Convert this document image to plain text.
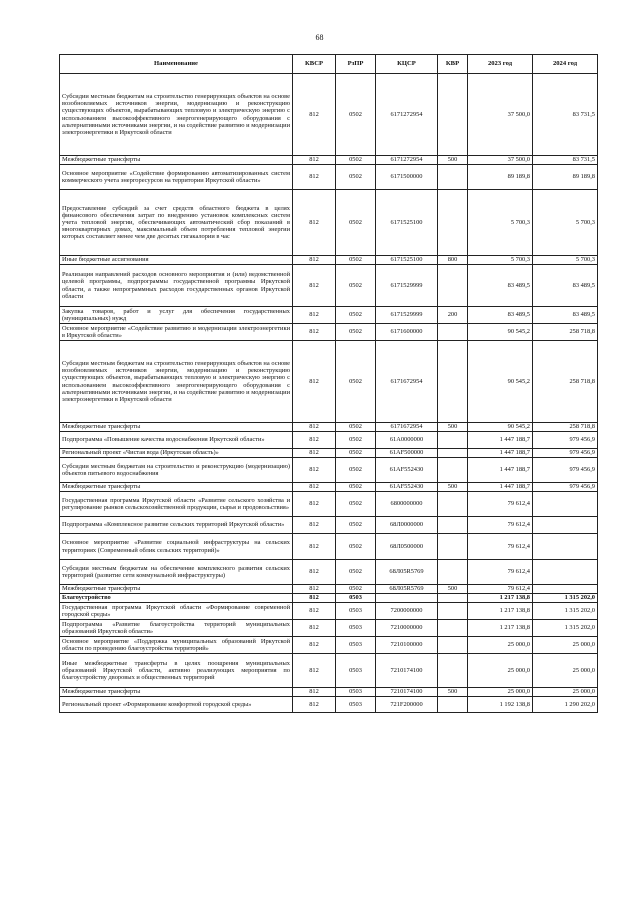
68
Наименование	КВСР	РзПР	КЦСР	КВР	2023 год	2024 год
Субсидии местным бюджетам на строительство генерирующих объектов на основе возобновляемых источников энергии, модернизацию и реконструкцию существующих объектов, вырабатывающих тепловую и электрическую энергию с использованием высокоэффективного энергогенерирующего оборудования с альтернативными источниками энергии, и на содействие развитию и модернизации электроэнергетики в Иркутской области	812	0502	6171272954		37 500,0	83 731,5
Межбюджетные трансферты	812	0502	6171272954	500	37 500,0	83 731,5
Основное мероприятие «Содействие формированию автоматизированных систем коммерческого учета энергоресурсов на территории Иркутской области»	812	0502	6171500000		89 189,8	89 189,8
Предоставление субсидий за счет средств областного бюджета в целях финансового обеспечения затрат по внедрению установок комплексных систем учета тепловой энергии, обеспечивающих автоматический сбор показаний в многоквартирных домах, максимальный объем потребления тепловой энергии которых составляет менее чем две десятых гигакалории в час	812	0502	6171525100		5 700,3	5 700,3
Иные бюджетные ассигнования	812	0502	6171525100	800	5 700,3	5 700,3
Реализация направлений расходов основного мероприятия и (или) ведомственной целевой программы, подпрограммы государственной программы Иркутской области, а также непрограммных расходов государственных органов Иркутской области	812	0502	6171529999		83 489,5	83 489,5
Закупка товаров, работ и услуг для обеспечения государственных (муниципальных) нужд	812	0502	6171529999	200	83 489,5	83 489,5
Основное мероприятие «Содействие развитию и модернизации электроэнергетики в Иркутской области»	812	0502	6171600000		90 545,2	258 718,8
Субсидии местным бюджетам на строительство генерирующих объектов на основе возобновляемых источников энергии, модернизацию и реконструкцию существующих объектов, вырабатывающих тепловую и электрическую энергию с использованием высокоэффективного энергогенерирующего оборудования с альтернативными источниками энергии, и на содействие развитию и модернизации электроэнергетики в Иркутской области	812	0502	6171672954		90 545,2	258 718,8
Межбюджетные трансферты	812	0502	6171672954	500	90 545,2	258 718,8
Подпрограмма «Повышение качества водоснабжения Иркутской области»	812	0502	61А0000000		1 447 188,7	979 456,9
Региональный проект «Чистая вода (Иркутская область)»	812	0502	61АF500000		1 447 188,7	979 456,9
Субсидии местным бюджетам на строительство и реконструкцию (модернизацию) объектов питьевого водоснабжения	812	0502	61АF552430		1 447 188,7	979 456,9
Межбюджетные трансферты	812	0502	61АF552430	500	1 447 188,7	979 456,9
Государственная программа Иркутской области «Развитие сельского хозяйства и регулирование рынков сельскохозяйственной продукции, сырья и продовольствия»	812	0502	6800000000		79 612,4	
Подпрограмма «Комплексное развитие сельских территорий Иркутской области»	812	0502	68Л0000000		79 612,4	
Основное мероприятие «Развитие социальной инфраструктуры на сельских территориях (Современный облик сельских территорий)»	812	0502	68Л0500000		79 612,4	
Субсидии местным бюджетам на обеспечение комплексного развития сельских территорий (развитие сети коммунальной инфраструктуры)	812	0502	68Л05R5769		79 612,4	
Межбюджетные трансферты	812	0502	68Л05R5769	500	79 612,4	
Благоустройство	812	0503			1 217 138,8	1 315 202,0
Государственная программа Иркутской области «Формирование современной городской среды»	812	0503	7200000000		1 217 138,8	1 315 202,0
Подпрограмма «Развитие благоустройства территорий муниципальных образований Иркутской области»	812	0503	7210000000		1 217 138,8	1 315 202,0
Основное мероприятие «Поддержка муниципальных образований Иркутской области по проведению благоустройства территорий»	812	0503	7210100000		25 000,0	25 000,0
Иные межбюджетные трансферты в целях поощрения муниципальных образований Иркутской области, активно реализующих мероприятия по благоустройству дворовых и общественных территорий	812	0503	7210174100		25 000,0	25 000,0
Межбюджетные трансферты	812	0503	7210174100	500	25 000,0	25 000,0
Региональный проект «Формирование комфортной городской среды»	812	0503	721F200000		1 192 138,8	1 290 202,0
